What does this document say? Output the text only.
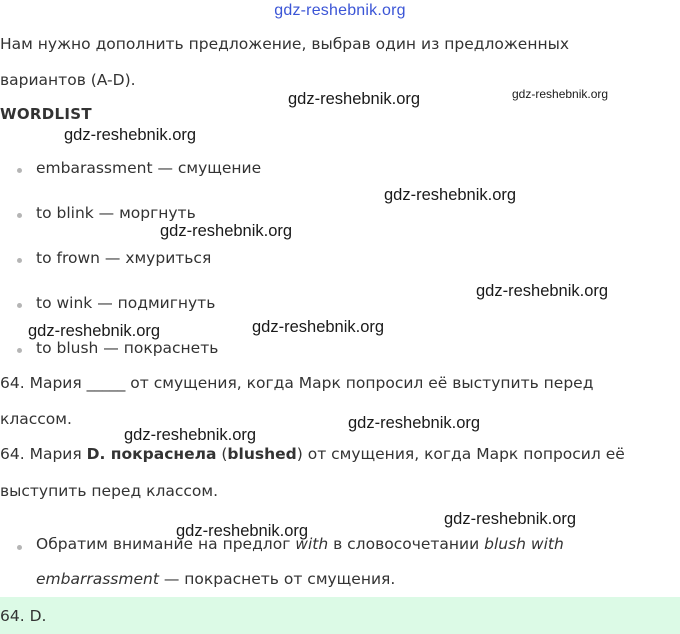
gdz-reshebnik.org
Нам нужно дополнить предложение, выбрав один из предложенных
вариантов (A-D).
WORDLIST
embarassment — смущение
to blink — моргнуть
to frown — хмуриться
to wink — подмигнуть
to blush — покраснеть
64. Мария _____ от смущения, когда Марк попросил её выступить перед
классом.
64. Мария D. покраснела (blushed) от смущения, когда Марк попросил её
выступить перед классом.
Обратим внимание на предлог with в словосочетании blush with
embarrassment — покраснеть от смущения.
64. D.
gdz-reshebnik.org	gdz-reshebnik.org
gdz-reshebnik.org
gdz-reshebnik.org
gdz-reshebnik.org
gdz-reshebnik.org
gdz-reshebnik.org	gdz-reshebnik.org
gdz-reshebnik.org
gdz-reshebnik.org
gdz-reshebnik.org
gdz-reshebnik.org
